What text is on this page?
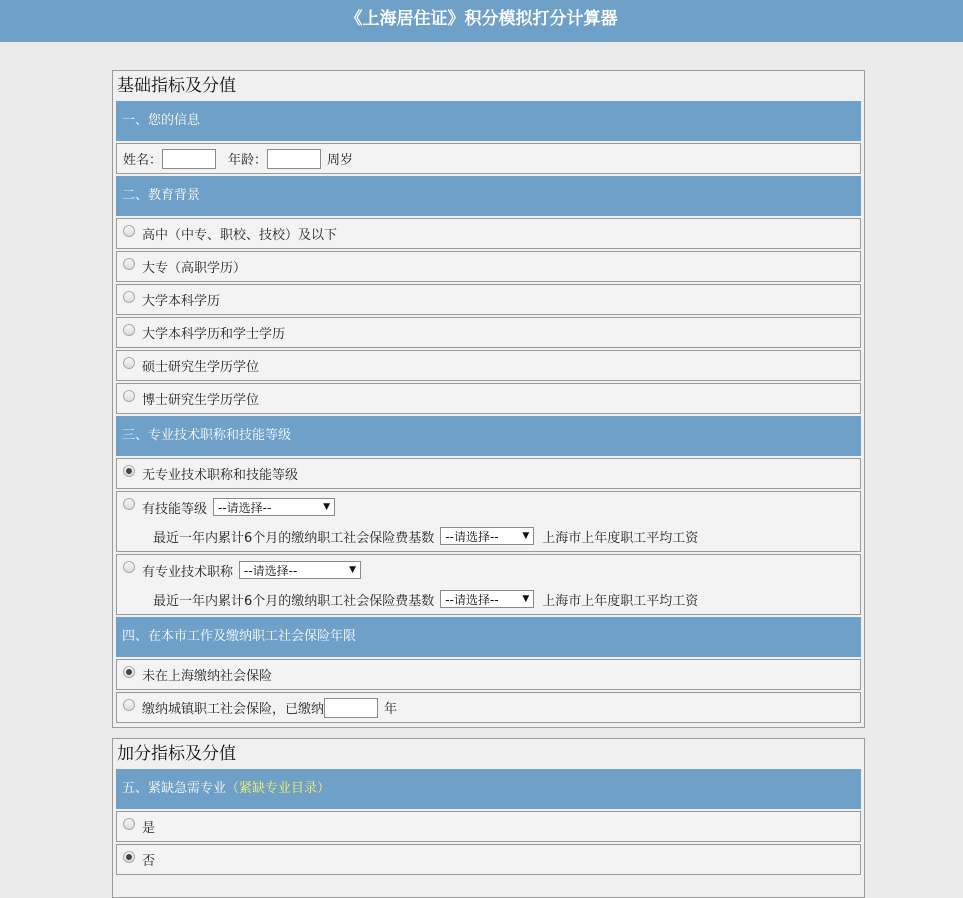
《上海居住证》积分模拟打分计算器
基础指标及分值
一、您的信息
姓名：	年龄：	周岁
二、教育背景
高中（中专、职校、技校）及以下
大专（高职学历）
大学本科学历
大学本科学历和学士学历
硕士研究生学历学位
博士研究生学历学位
三、专业技术职称和技能等级
无专业技术职称和技能等级
有技能等级 --请选择--	▼
最近一年内累计6个月的缴纳职工社会保险费基数 --请选择--	▼ 上海市上年度职工平均工资
有专业技术职称 --请选择--	▼
最近一年内累计6个月的缴纳职工社会保险费基数 --请选择--	▼ 上海市上年度职工平均工资
四、在本市工作及缴纳职工社会保险年限
未在上海缴纳社会保险
缴纳城镇职工社会保险，已缴纳	年
加分指标及分值
五、紧缺急需专业（紧缺专业目录）
是
否
